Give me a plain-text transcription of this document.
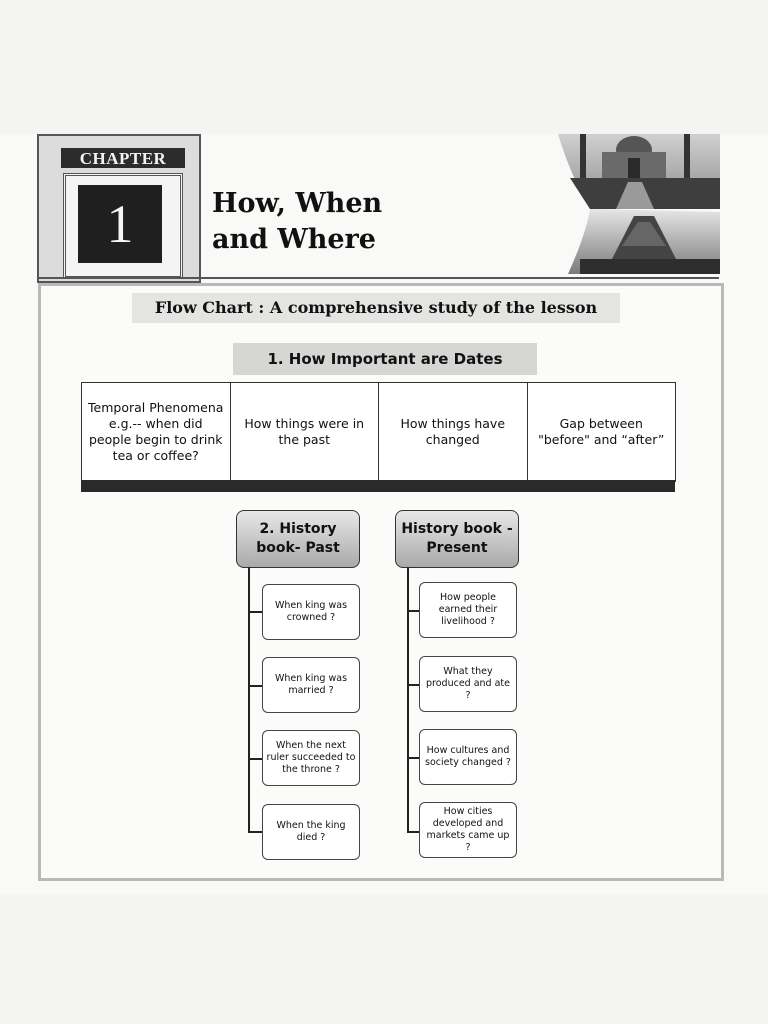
CHAPTER
1	How, When
and Where
Flow Chart : A comprehensive study of the lesson
1. How Important are Dates
Temporal Phenomena e.g.-- when did people begin to drink tea or coffee?
How things were in the past
How things have changed
Gap between "before" and “after”
2. History book- Past
When king was crowned ?
When king was married ?
When the next ruler succeeded to the throne ?
When the king died ?
History book - Present
How people earned their livelihood ?
What they produced and ate ?
How cultures and society changed ?
How cities developed and markets came up ?
